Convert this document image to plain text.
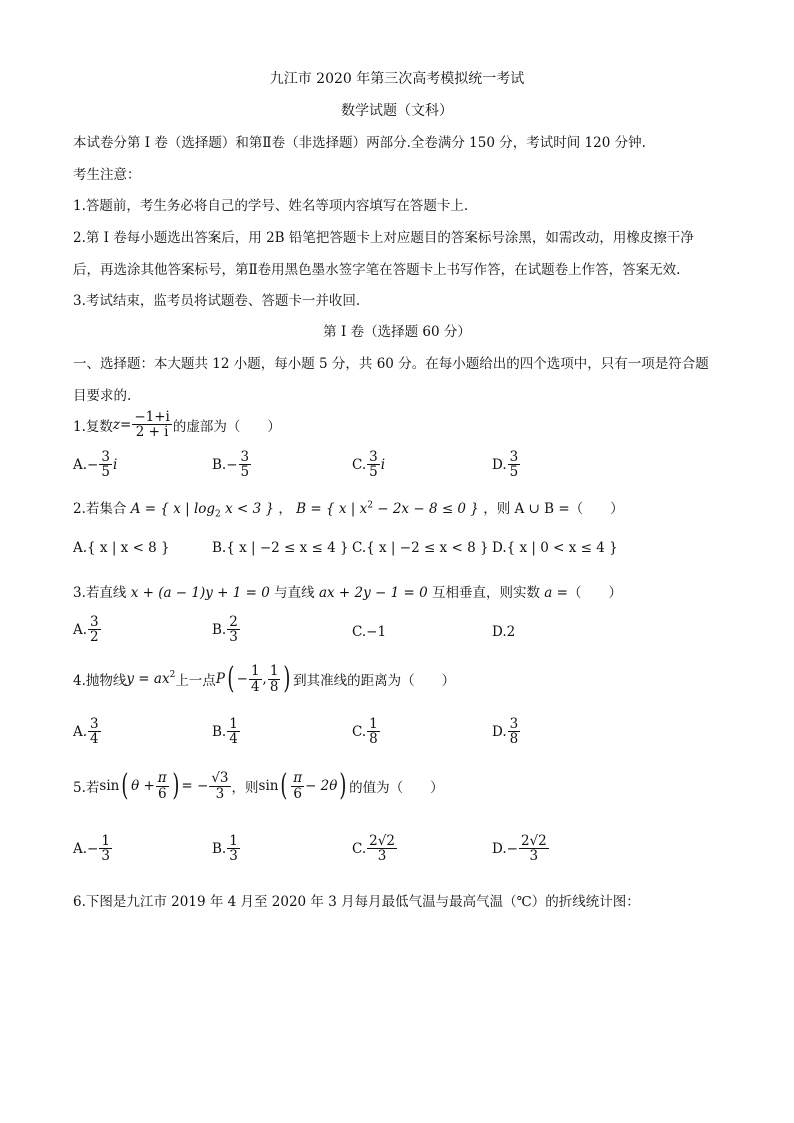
九江市 2020 年第三次高考模拟统一考试
数学试题（文科）
本试卷分第 I 卷（选择题）和第Ⅱ卷（非选择题）两部分.全卷满分 150 分，考试时间 120 分钟.
考生注意：
1.答题前，考生务必将自己的学号、姓名等项内容填写在答题卡上.
2.第 I 卷每小题选出答案后，用 2B 铅笔把答题卡上对应题目的答案标号涂黑，如需改动，用橡皮擦干净
后，再选涂其他答案标号，第Ⅱ卷用黑色墨水签字笔在答题卡上书写作答，在试题卷上作答，答案无效.
3.考试结束，监考员将试题卷、答题卡一并收回.
第 I 卷（选择题 60 分）
一、选择题：本大题共 12 小题，每小题 5 分，共 60 分。在每小题给出的四个选项中，只有一项是符合题
目要求的.
1.复数 $z = \frac{-1+i}{2 + i}$ 的虚部为（　　）
A. − $\frac{3}{5}$ i	B. − $\frac{3}{5}$	C. $\frac{3}{5}$ i	D. $\frac{3}{5}$
2.若集合 A = { x | $\log_2 x < 3$ } ， B = { x | $x^2 - 2x - 8 \le 0$ } ，则 A ∪ B =（　　）
A.{ x | x < 8 }	B.{ x | −2 ≤ x ≤ 4 } C.{ x | −2 ≤ x < 8 } D.{ x | 0 < x ≤ 4 }
3.若直线 x + (a − 1)y + 1 = 0 与直线 ax + 2y − 1 = 0 互相垂直，则实数 a =（　　）
A. $\frac{3}{2}$	B. $\frac{2}{3}$	C.−1	D.2
4.抛物线 y = ax 2 上一点 P ( − $\frac{1}{4}$ , $\frac{1}{8}$ ) 到其准线的距离为（　　）
A. $\frac{3}{4}$	B. $\frac{1}{4}$	C. $\frac{1}{8}$	D. $\frac{3}{8}$
5.若 sin ( $\theta + \frac{\pi}{6}$ ) = − $\frac{√3}{3}$ ，则 sin ( $\frac{\pi}{6} - 2\theta$ ) 的值为（　　）
A. − $\frac{1}{3}$	B. $\frac{1}{3}$	C. $\frac{2√2}{3}$	D. − $\frac{2√2}{3}$
6.下图是九江市 2019 年 4 月至 2020 年 3 月每月最低气温与最高气温（℃）的折线统计图：
